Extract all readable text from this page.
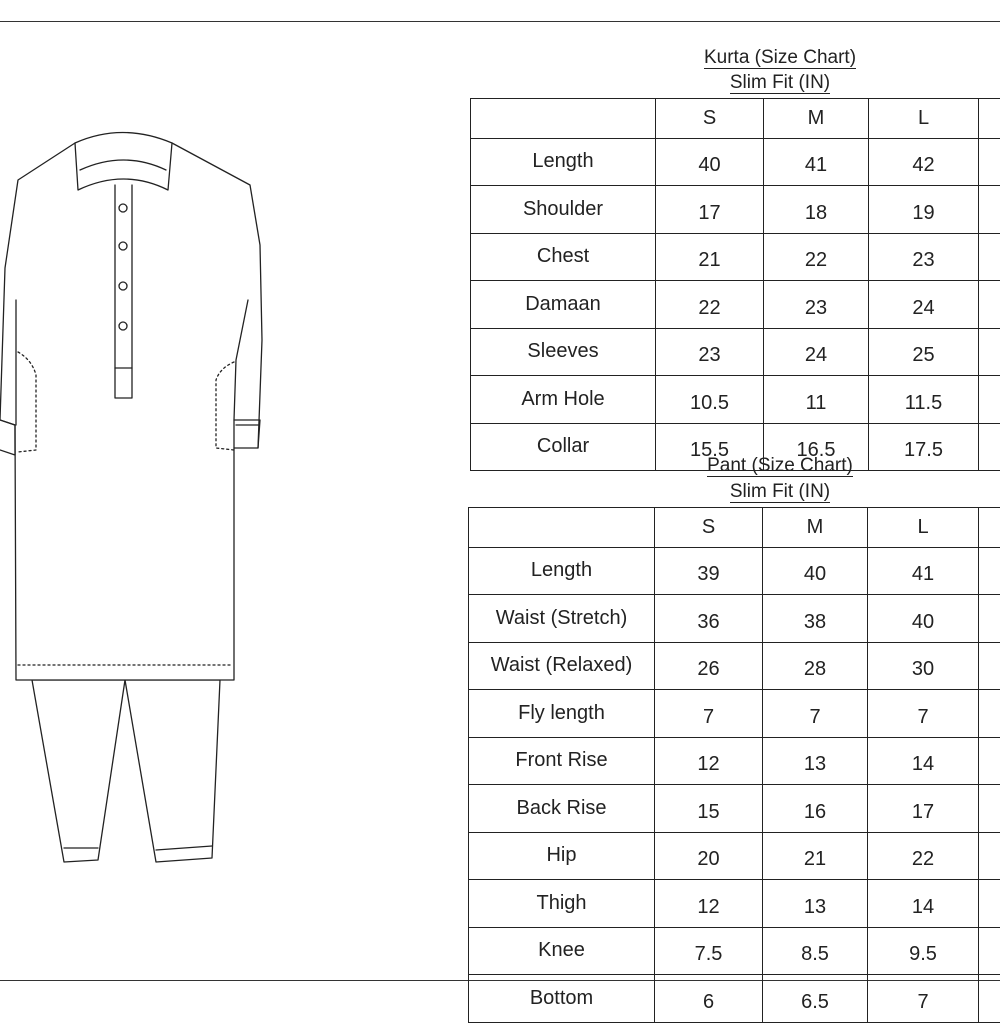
Kurta (Size Chart)
Slim Fit (IN)
	S	M	L	
Length	40	41	42	
Shoulder	17	18	19	
Chest	21	22	23	
Damaan	22	23	24	
Sleeves	23	24	25	
Arm Hole	10.5	11	11.5	
Collar	15.5	16.5	17.5	
Pant (Size Chart)
Slim Fit (IN)
	S	M	L	
Length	39	40	41	
Waist (Stretch)	36	38	40	
Waist (Relaxed)	26	28	30	
Fly length	7	7	7	
Front Rise	12	13	14	
Back Rise	15	16	17	
Hip	20	21	22	
Thigh	12	13	14	
Knee	7.5	8.5	9.5	
Bottom	6	6.5	7	
